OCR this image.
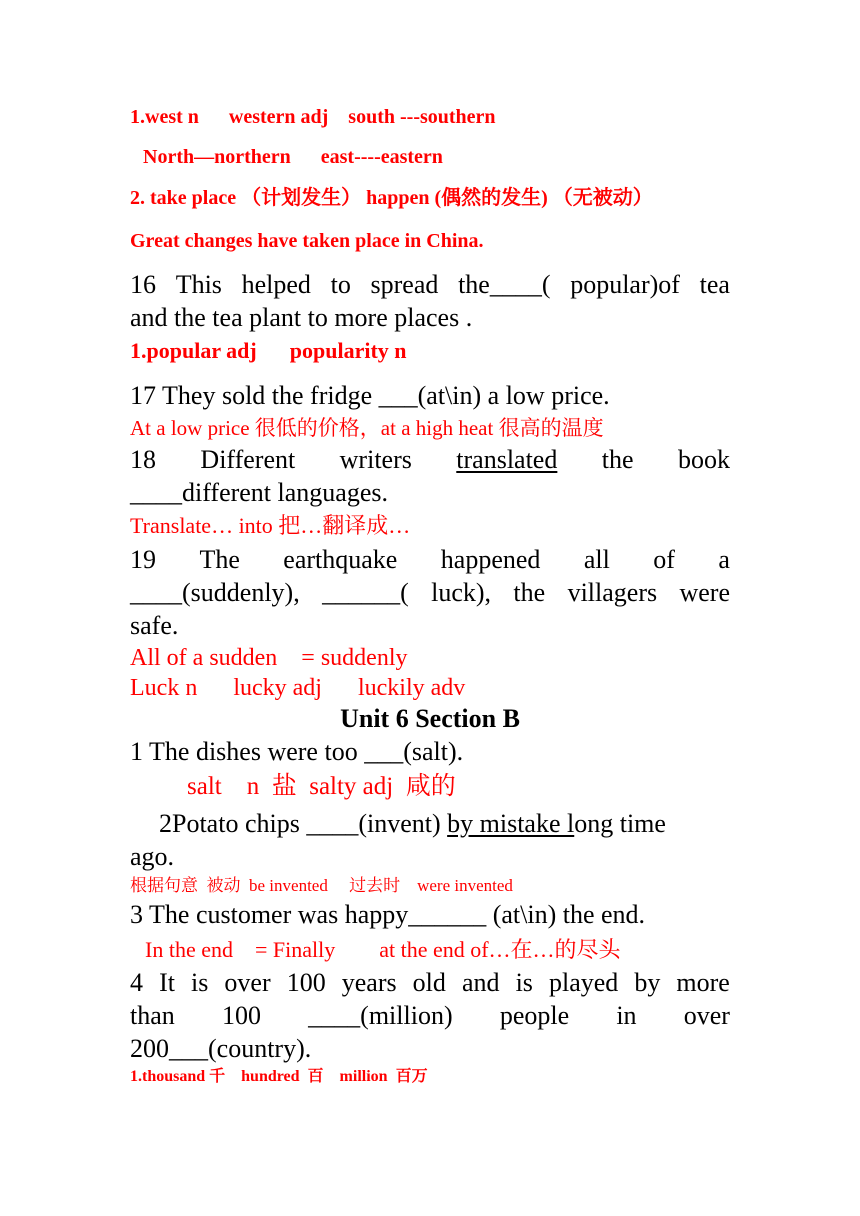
1.west n      western adj    south ---southern
North—northern      east----eastern
2. take place （计划发生） happen (偶然的发生) （无被动）
Great changes have taken place in China.
16 This helped to spread the____( popular)of tea
and the tea plant to more places .
1.popular adj      popularity n
17 They sold the fridge ___(at\in) a low price.
At a low price 很低的价格，at a high heat 很高的温度
18 Different writers translated the book
____different languages.
Translate… into 把…翻译成…
19 The earthquake happened all of a
____(suddenly), ______( luck), the villagers were
safe.
All of a sudden    = suddenly
Luck n      lucky adj      luckily adv
Unit 6 Section B
1 The dishes were too ___(salt).
salt    n  盐  salty adj  咸的
2Potato chips ____(invent) by mistake long time
ago.
根据句意  被动  be invented     过去时    were invented
3 The customer was happy______ (at\in) the end.
In the end    = Finally        at the end of…在…的尽头
4 It is over 100 years old and is played by more
than 100 ____(million) people in over
200___(country).
1.thousand 千    hundred  百    million  百万
